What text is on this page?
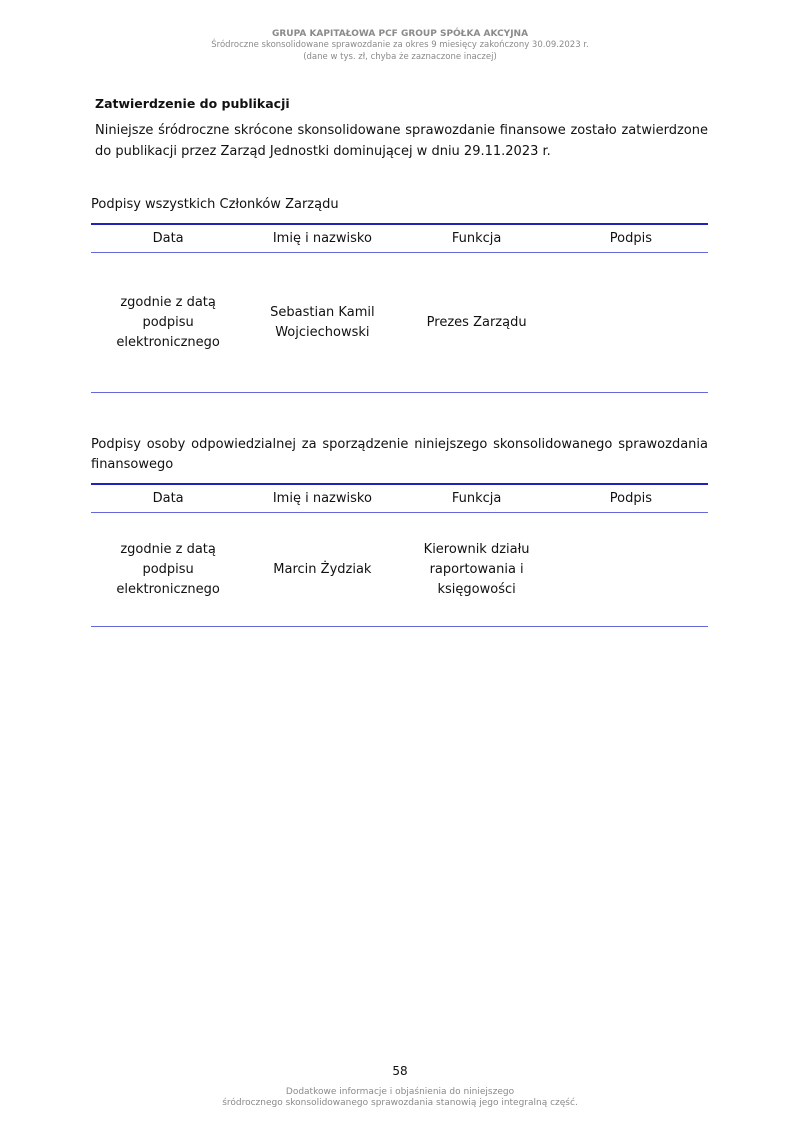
GRUPA KAPITAŁOWA PCF GROUP SPÓŁKA AKCYJNA
Śródroczne skonsolidowane sprawozdanie za okres 9 miesięcy zakończony 30.09.2023 r.
(dane w tys. zł, chyba że zaznaczone inaczej)
Zatwierdzenie do publikacji
Niniejsze śródroczne skrócone skonsolidowane sprawozdanie finansowe zostało zatwierdzone do publikacji przez Zarząd Jednostki dominującej w dniu 29.11.2023 r.
Podpisy wszystkich Członków Zarządu
Data	Imię i nazwisko	Funkcja	Podpis
zgodnie z datą podpisu elektronicznego	Sebastian Kamil Wojciechowski	Prezes Zarządu	
Podpisy osoby odpowiedzialnej za sporządzenie niniejszego skonsolidowanego sprawozdania finansowego
Data	Imię i nazwisko	Funkcja	Podpis
zgodnie z datą podpisu elektronicznego	Marcin Żydziak	Kierownik działu raportowania i księgowości	
58
Dodatkowe informacje i objaśnienia do niniejszego
śródrocznego skonsolidowanego sprawozdania stanowią jego integralną część.
